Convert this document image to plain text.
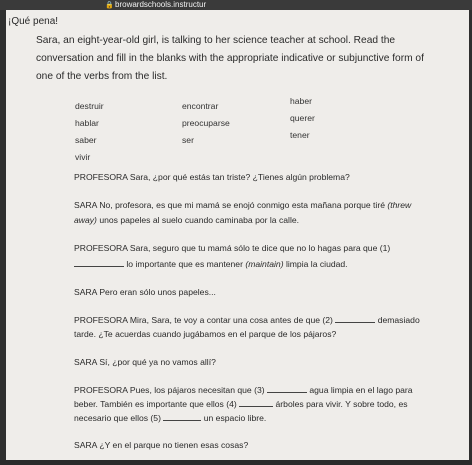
🔒 browardschools.instructur

¡Qué pena!

Sara, an eight-year-old girl, is talking to her science teacher at school. Read the

conversation and fill in the blanks with the appropriate indicative or subjunctive form of

one of the verbs from the list.

destruir
hablar
saber
vivir
encontrar
preocuparse
ser
haber
querer
tener

PROFESORA Sara, ¿por qué estás tan triste? ¿Tienes algún problema?

SARA No, profesora, es que mi mamá se enojó conmigo esta mañana porque tiré (threw

away) unos papeles al suelo cuando caminaba por la calle.

PROFESORA Sara, seguro que tu mamá sólo te dice que no lo hagas para que (1)

lo importante que es mantener (maintain) limpia la ciudad.

SARA Pero eran sólo unos papeles...

PROFESORA Mira, Sara, te voy a contar una cosa antes de que (2)	demasiado

tarde. ¿Te acuerdas cuando jugábamos en el parque de los pájaros?

SARA Sí, ¿por qué ya no vamos allí?

PROFESORA Pues, los pájaros necesitan que (3)	agua limpia en el lago para

beber. También es importante que ellos (4)	árboles para vivir. Y sobre todo, es

necesario que ellos (5)	un espacio libre.

SARA ¿Y en el parque no tienen esas cosas?
